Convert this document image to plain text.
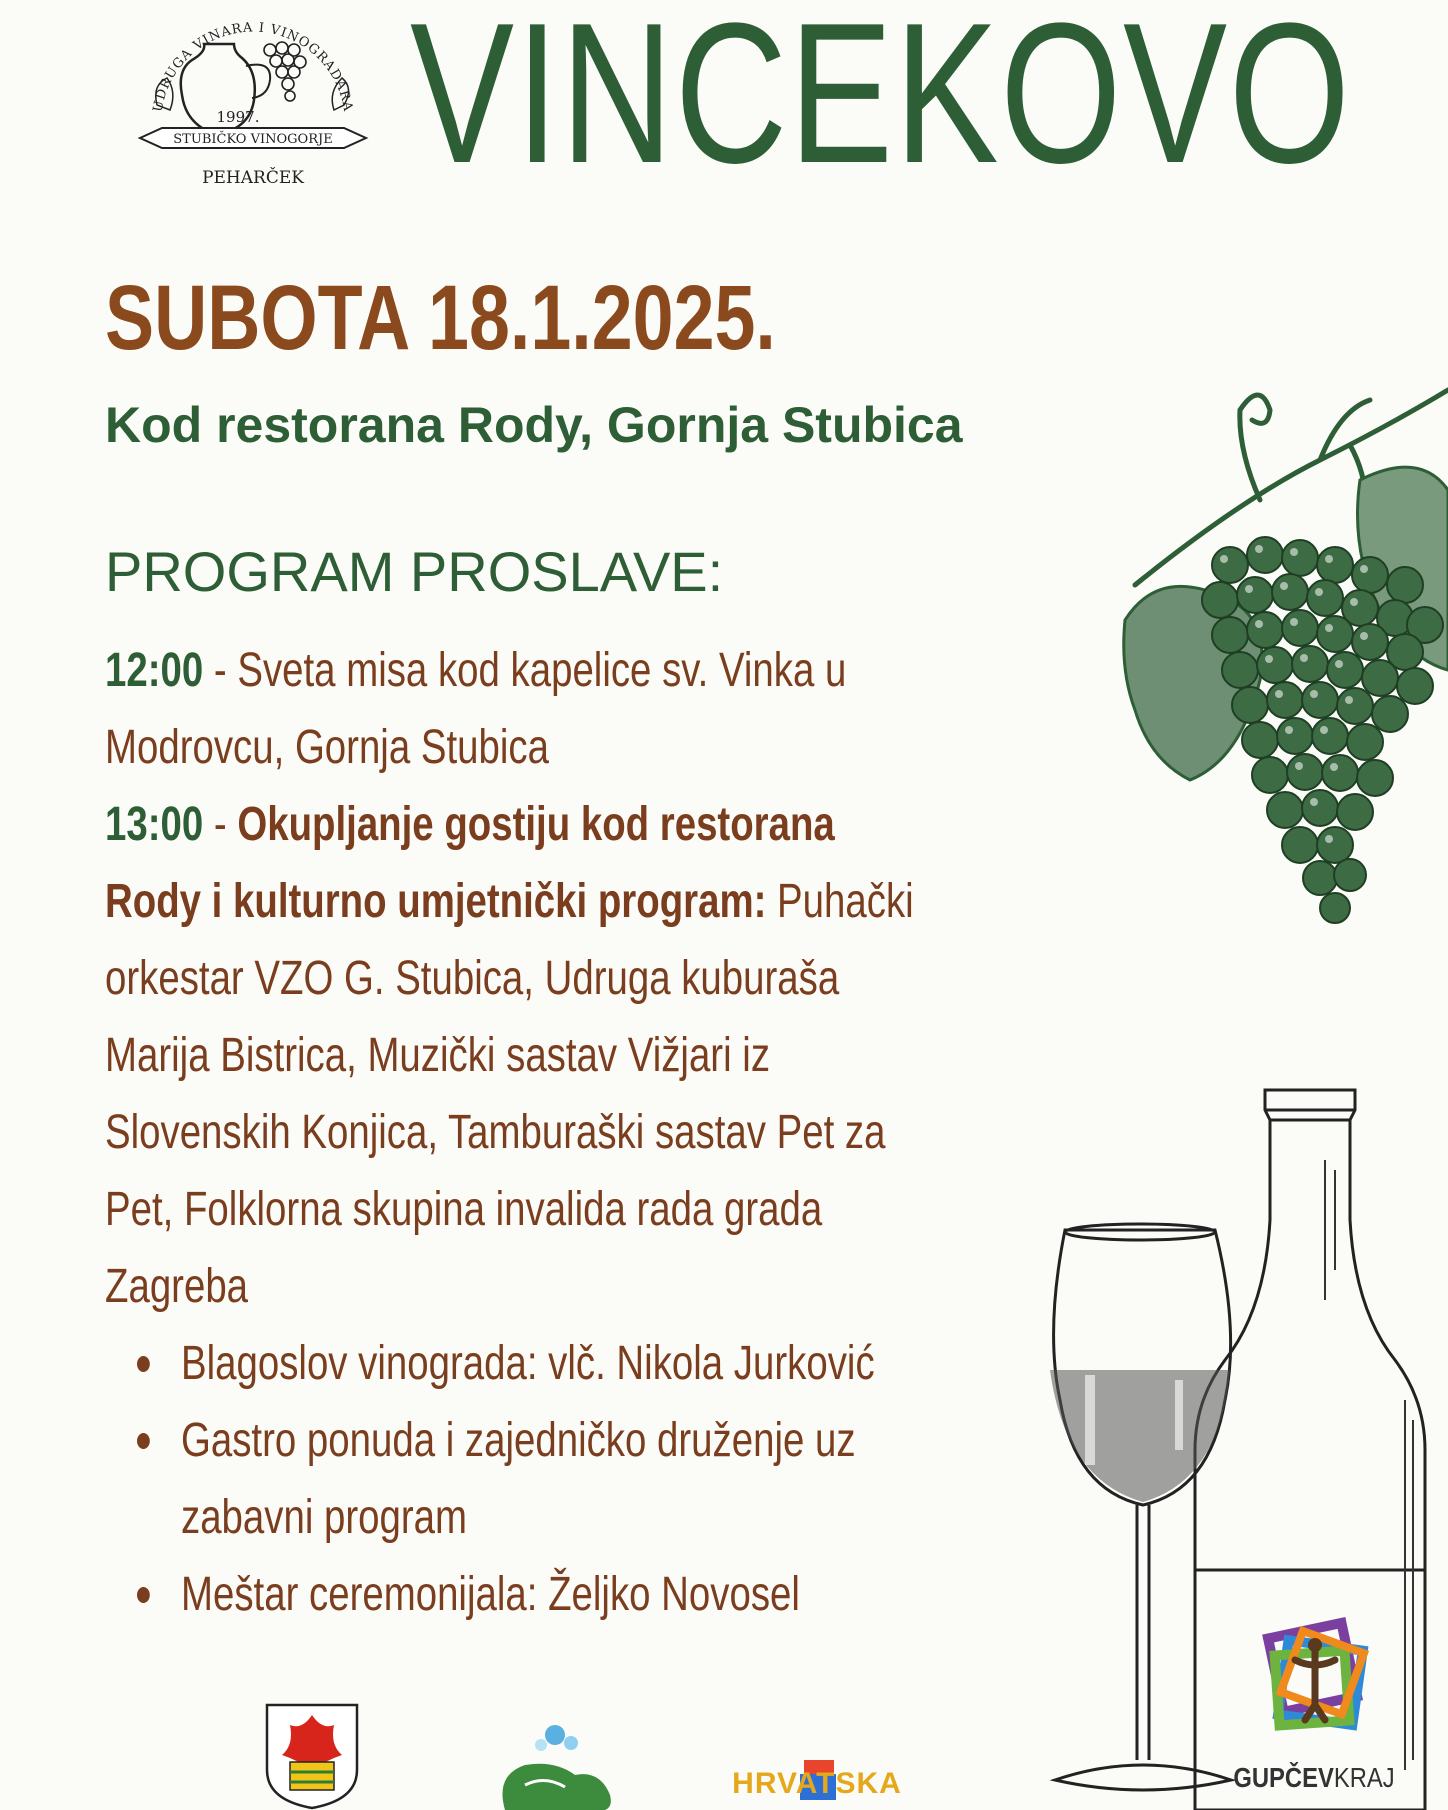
UDRUGA VINARA I VINOGRADARA
1997.
STUBIČKO VINOGORJE
PEHARČEK VINCEKOVO
SUBOTA 18.1.2025.
Kod restorana Rody, Gornja Stubica
PROGRAM PROSLAVE:

12:00 - Sveta misa kod kapelice sv. Vinka u Modrovcu, Gornja Stubica

13:00 - Okupljanje gostiju kod restorana Rody i kulturno umjetnički program: Puhački orkestar VZO G. Stubica, Udruga kuburaša Marija Bistrica, Muzički sastav Vižjari iz Slovenskih Konjica, Tamburaški sastav Pet za Pet, Folklorna skupina invalida rada grada Zagreba

Blagoslov vinograda: vlč. Nikola Jurković
Gastro ponuda i zajedničko druženje uz zabavni program
Meštar ceremonijala: Željko Novosel
HRVATSKA	GUPČEVKRAJ
